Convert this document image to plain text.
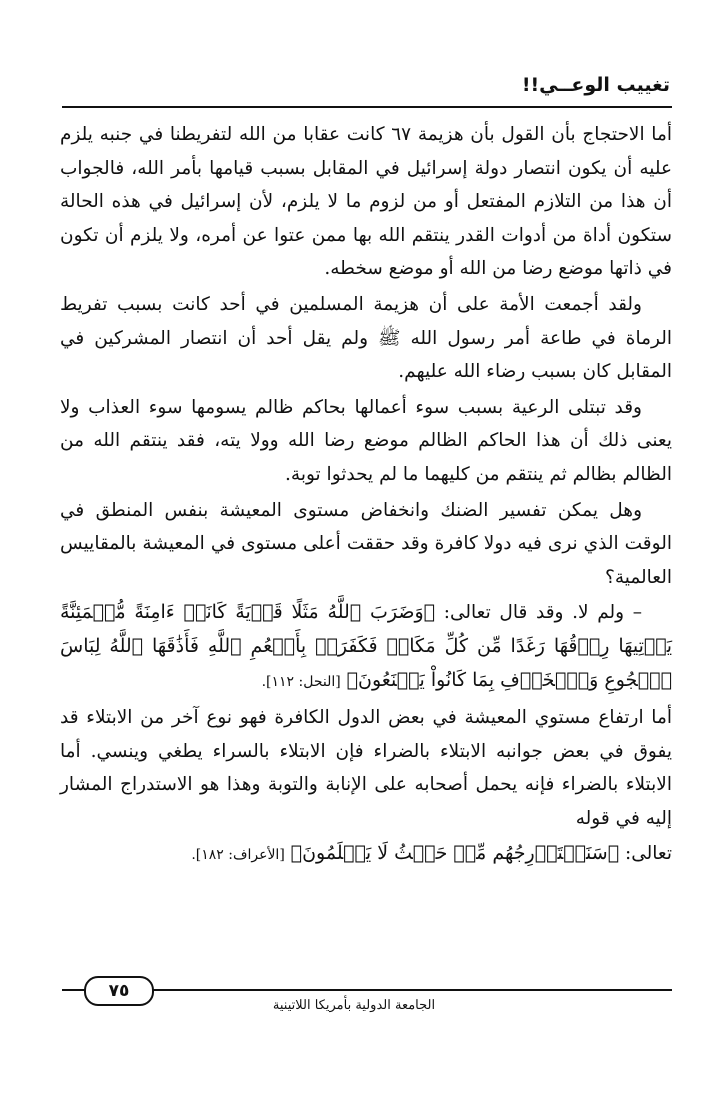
تغييب الوعــي!!

أما الاحتجاج بأن القول بأن هزيمة ٦٧ كانت عقابا من الله لتفريطنا في جنبه يلزم عليه أن يكون انتصار دولة إسرائيل في المقابل بسبب قيامها بأمر الله، فالجواب أن هذا من التلازم المفتعل أو من لزوم ما لا يلزم، لأن إسرائيل في هذه الحالة ستكون أداة من أدوات القدر ينتقم الله بها ممن عتوا عن أمره، ولا يلزم أن تكون في ذاتها موضع رضا من الله أو موضع سخطه.

ولقد أجمعت الأمة على أن هزيمة المسلمين في أحد كانت بسبب تفريط الرماة في طاعة أمر رسول الله ﷺ ولم يقل أحد أن انتصار المشركين في المقابل كان بسبب رضاء الله عليهم.

وقد تبتلى الرعية بسبب سوء أعمالها بحاكم ظالم يسومها سوء العذاب ولا يعنى ذلك أن هذا الحاكم الظالم موضع رضا الله وولا يته، فقد ينتقم الله من الظالم بظالم ثم ينتقم من كليهما ما لم يحدثوا توبة.

وهل يمكن تفسير الضنك وانخفاض مستوى المعيشة بنفس المنطق في الوقت الذي نرى فيه دولا كافرة وقد حققت أعلى مستوى في المعيشة بالمقاييس العالمية؟

– ولم لا. وقد قال تعالى: ﴿وَضَرَبَ ٱللَّهُ مَثَلًا قَرۡيَةً كَانَتۡ ءَامِنَةً مُّطۡمَئِنَّةً يَأۡتِيهَا رِزۡقُهَا رَغَدًا مِّن كُلِّ مَكَانٖ فَكَفَرَتۡ بِأَنۡعُمِ ٱللَّهِ فَأَذَٰقَهَا ٱللَّهُ لِبَاسَ ٱلۡجُوعِ وَٱلۡخَوۡفِ بِمَا كَانُواْ يَصۡنَعُونَ﴾ [النحل: ١١٢].

أما ارتفاع مستوي المعيشة في بعض الدول الكافرة فهو نوع آخر من الابتلاء قد يفوق في بعض جوانبه الابتلاء بالضراء فإن الابتلاء بالسراء يطغي وينسي. أما الابتلاء بالضراء فإنه يحمل أصحابه على الإنابة والتوبة وهذا هو الاستدراج المشار إليه في قوله

تعالى: ﴿سَنَسۡتَدۡرِجُهُم مِّنۡ حَيۡثُ لَا يَعۡلَمُونَ﴾ [الأعراف: ١٨٢].

٧٥
الجامعة الدولية بأمريكا اللاتينية
